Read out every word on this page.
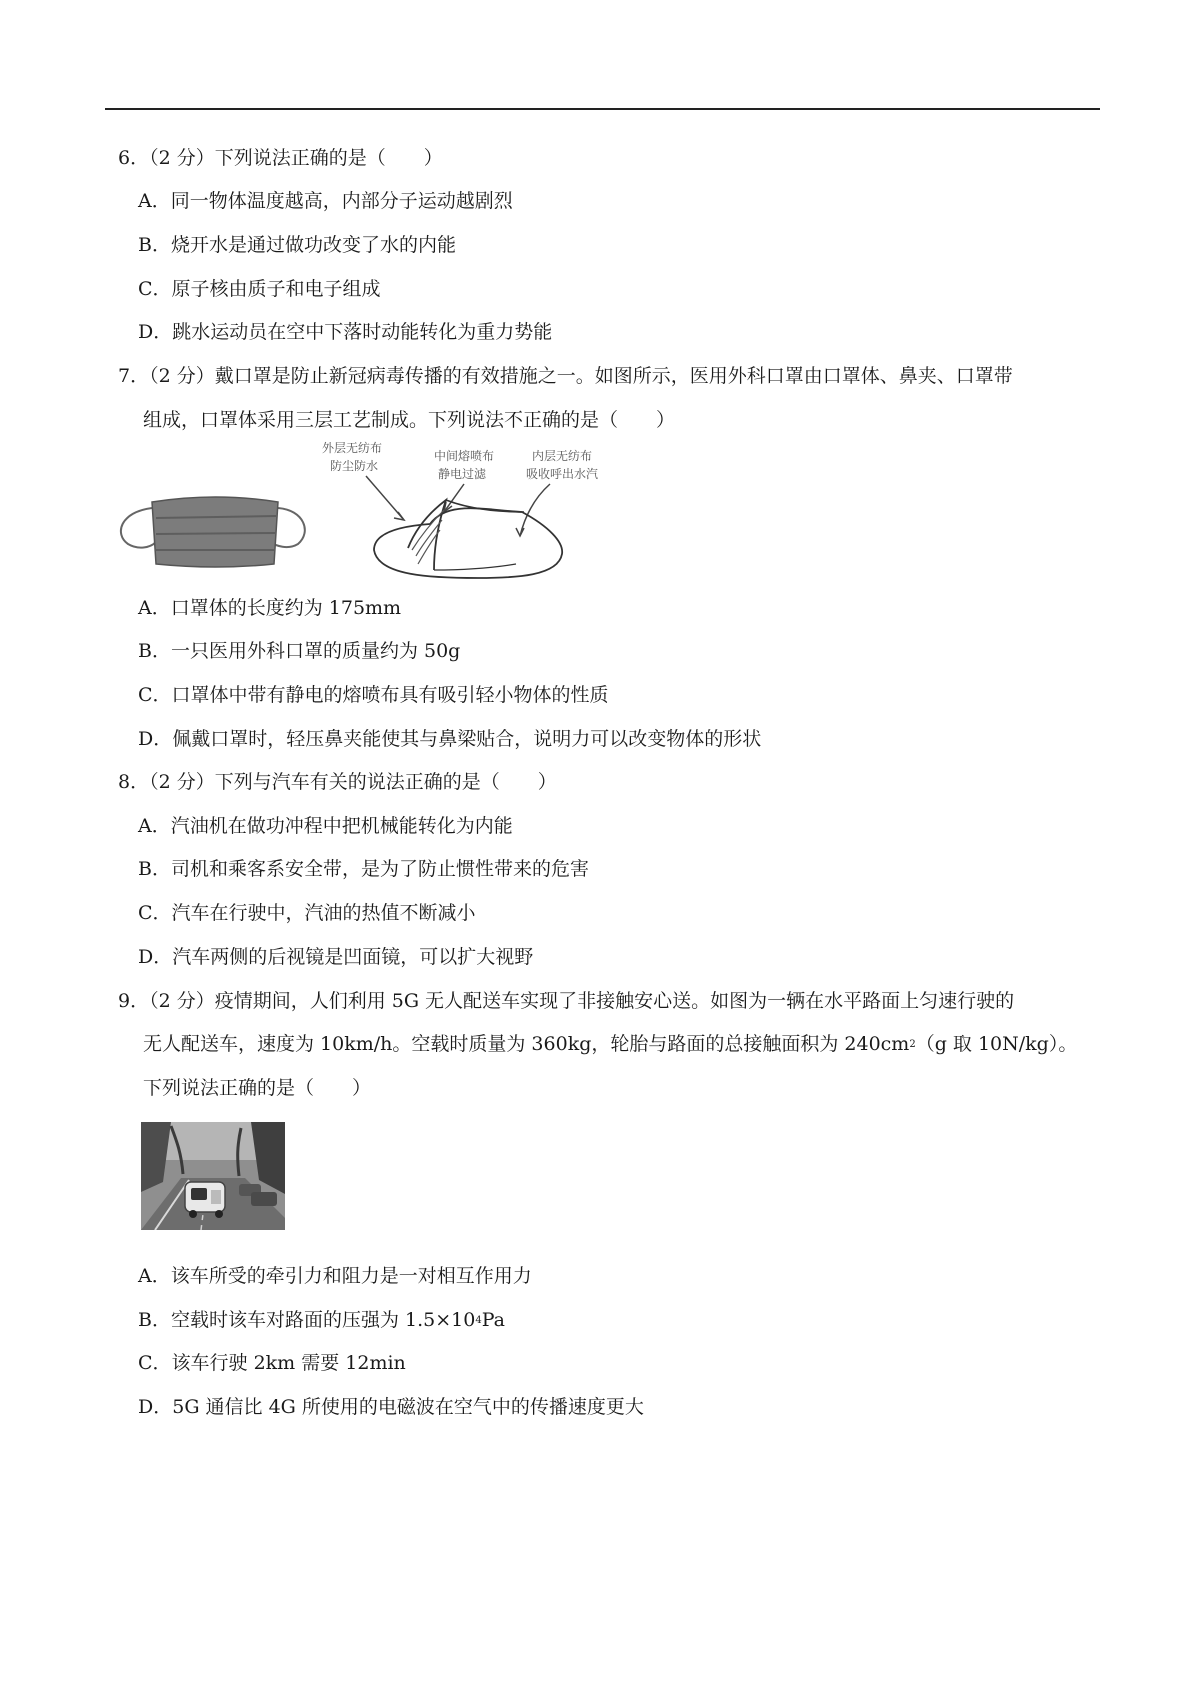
6．（2 分）下列说法正确的是（　　）
A．同一物体温度越高，内部分子运动越剧烈
B．烧开水是通过做功改变了水的内能
C．原子核由质子和电子组成
D．跳水运动员在空中下落时动能转化为重力势能
7．（2 分）戴口罩是防止新冠病毒传播的有效措施之一。如图所示，医用外科口罩由口罩体、鼻夹、口罩带
组成，口罩体采用三层工艺制成。下列说法不正确的是（　　）
外层无纺布
防尘防水
中间熔喷布
静电过滤
内层无纺布
吸收呼出水汽
A．口罩体的长度约为 175mm
B．一只医用外科口罩的质量约为 50g
C．口罩体中带有静电的熔喷布具有吸引轻小物体的性质
D．佩戴口罩时，轻压鼻夹能使其与鼻梁贴合，说明力可以改变物体的形状
8．（2 分）下列与汽车有关的说法正确的是（　　）
A．汽油机在做功冲程中把机械能转化为内能
B．司机和乘客系安全带，是为了防止惯性带来的危害
C．汽车在行驶中，汽油的热值不断减小
D．汽车两侧的后视镜是凹面镜，可以扩大视野
9．（2 分）疫情期间，人们利用 5G 无人配送车实现了非接触安心送。如图为一辆在水平路面上匀速行驶的
无人配送车，速度为 10km/h。空载时质量为 360kg，轮胎与路面的总接触面积为 $240cm^2(g$ 取 10N/kg）。
下列说法正确的是（　　）
A．该车所受的牵引力和阻力是一对相互作用力
B．空载时该车对路面的压强为 $1.5\times 10^4Pa$
C．该车行驶 2km 需要 12min
D．5G 通信比 4G 所使用的电磁波在空气中的传播速度更大
